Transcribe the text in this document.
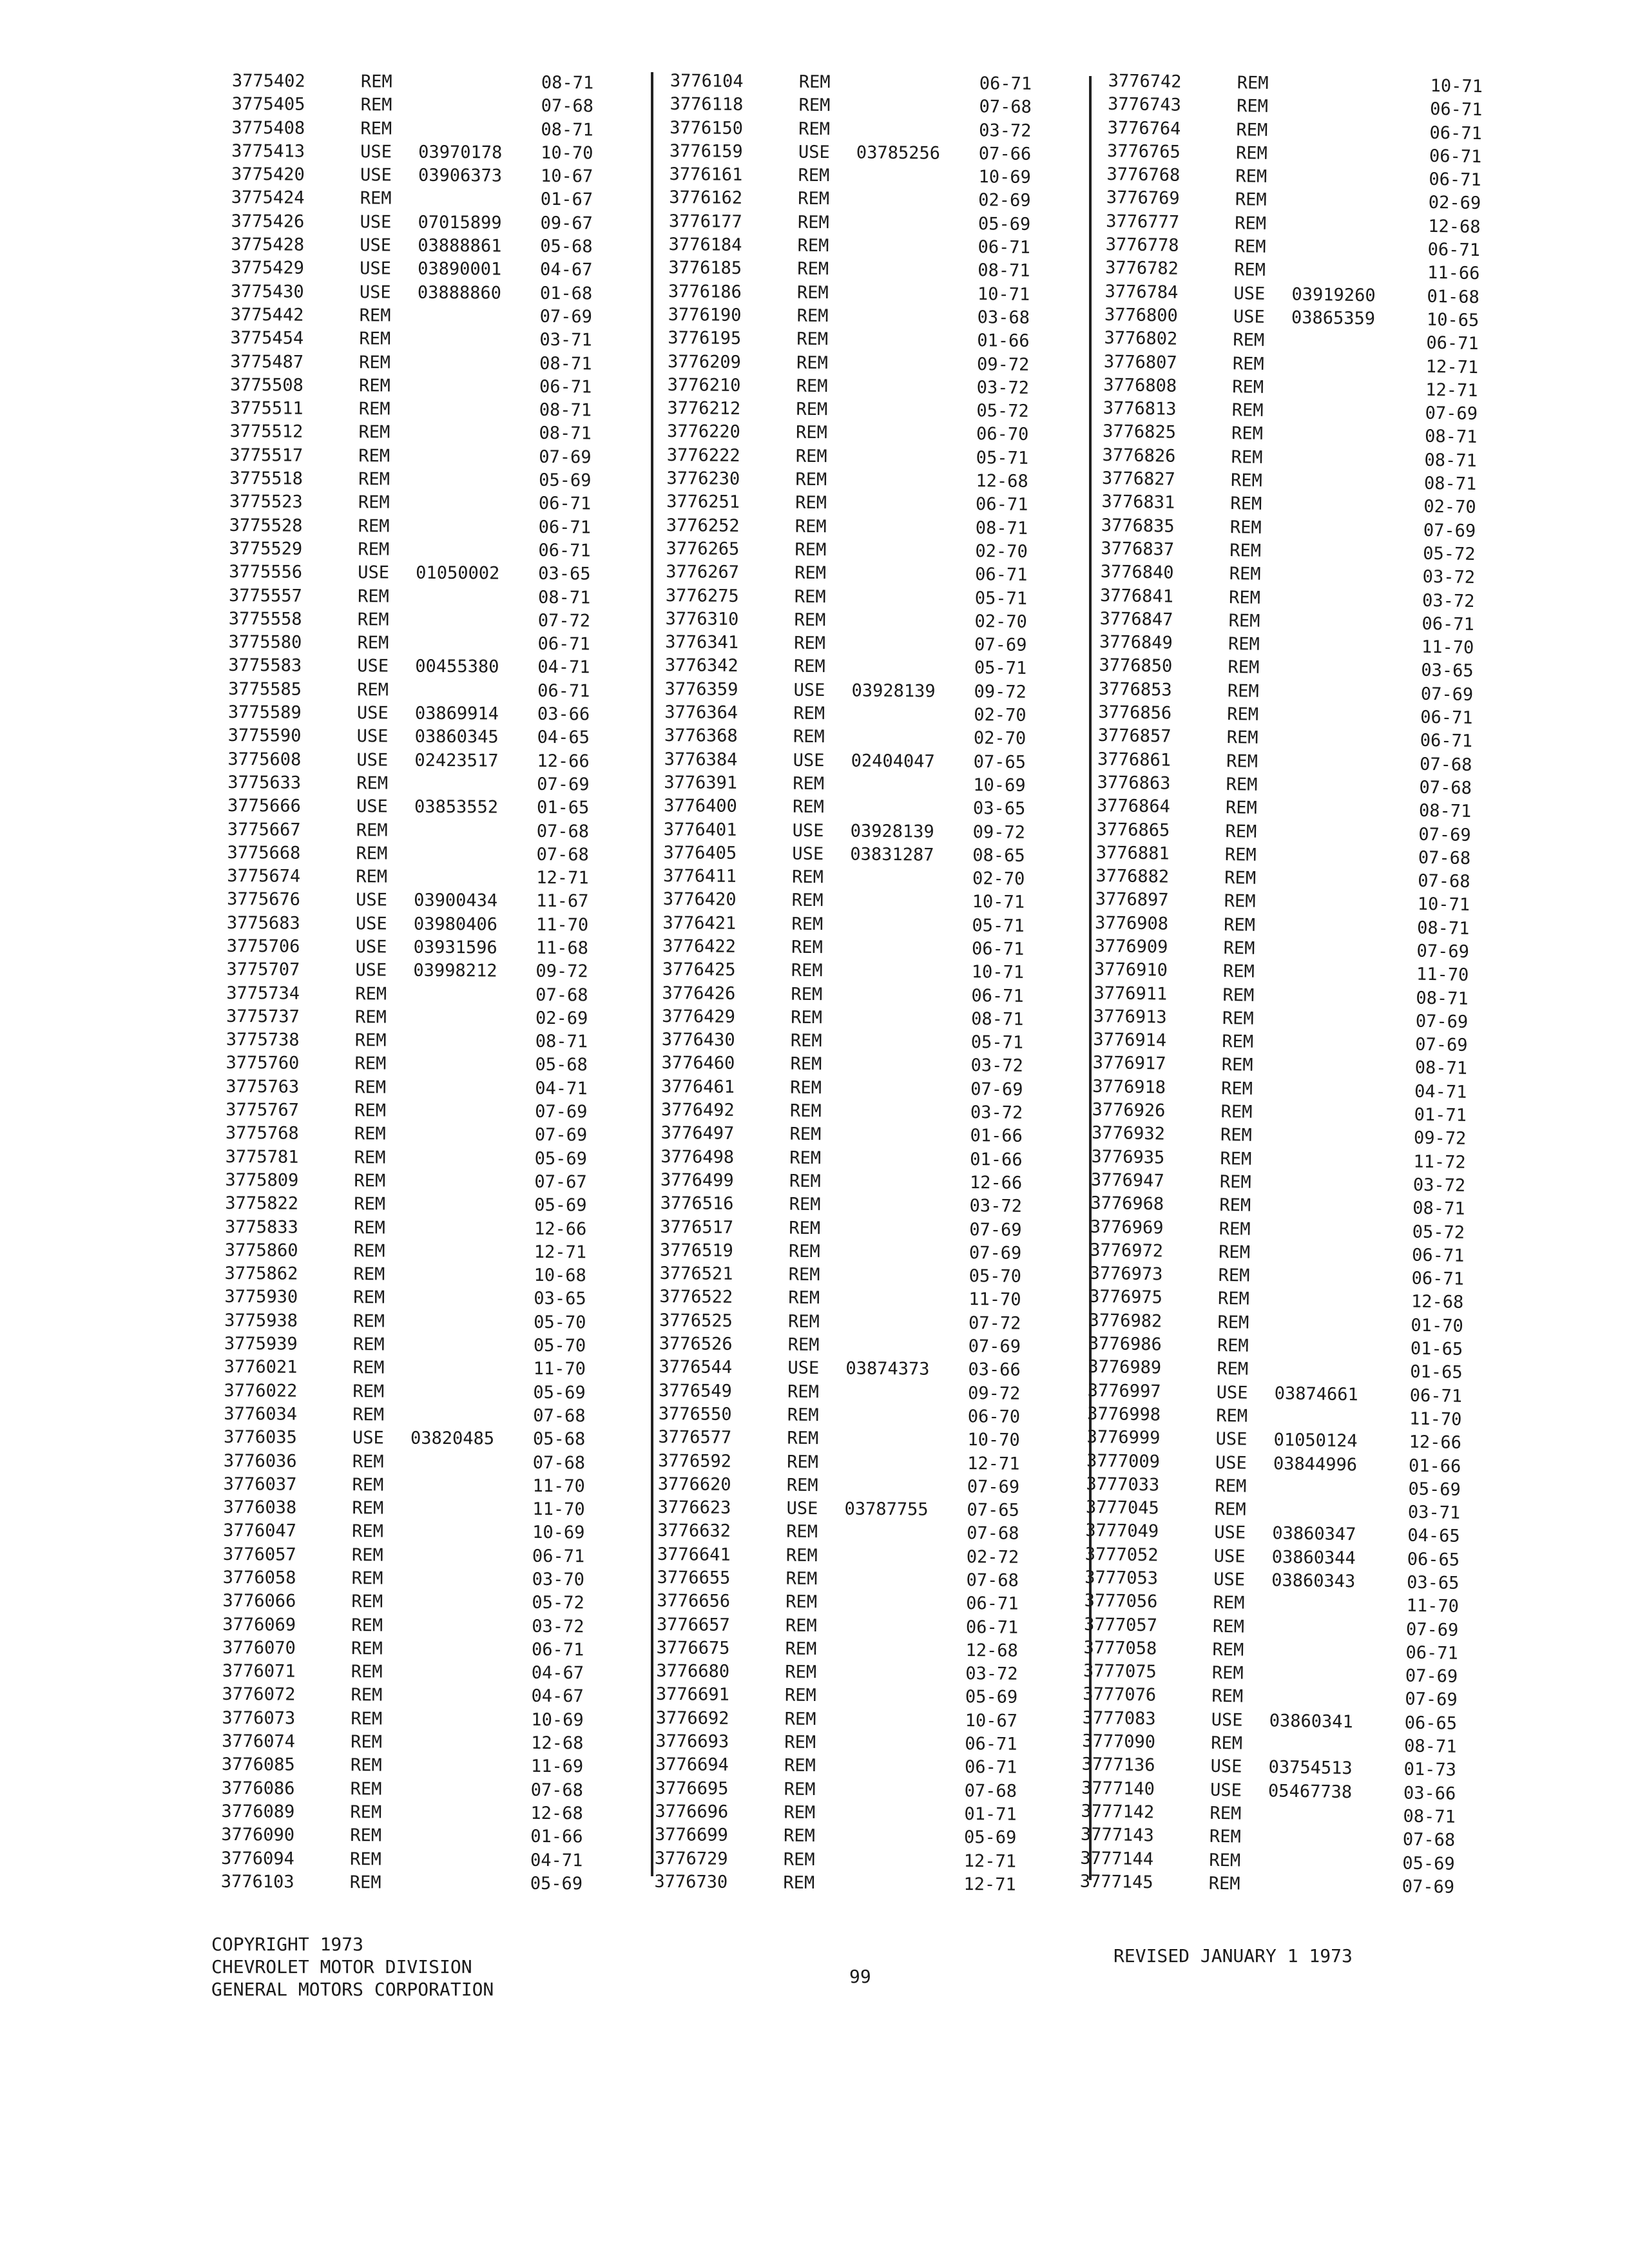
3775402	REM	08-71
3775405	REM	07-68
3775408	REM	08-71
3775413	USE 03970178 10-70
3775420	USE 03906373 10-67
3775424	REM	01-67
3775426	USE 07015899 09-67
3775428	USE 03888861 05-68
3775429	USE 03890001 04-67
3775430	USE 03888860 01-68
3775442	REM	07-69
3775454	REM	03-71
3775487	REM	08-71
3775508	REM	06-71
3775511	REM	08-71
3775512	REM	08-71
3775517	REM	07-69
3775518	REM	05-69
3775523	REM	06-71
3775528	REM	06-71
3775529	REM	06-71
3775556	USE 01050002 03-65
3775557	REM	08-71
3775558	REM	07-72
3775580	REM	06-71
3775583	USE 00455380 04-71
3775585	REM	06-71
3775589	USE 03869914 03-66
3775590	USE 03860345 04-65
3775608	USE 02423517 12-66
3775633	REM	07-69
3775666	USE 03853552 01-65
3775667	REM	07-68
3775668	REM	07-68
3775674	REM	12-71
3775676	USE 03900434 11-67
3775683	USE 03980406 11-70
3775706	USE 03931596 11-68
3775707	USE 03998212 09-72
3775734	REM	07-68
3775737	REM	02-69
3775738	REM	08-71
3775760	REM	05-68
3775763	REM	04-71
3775767	REM	07-69
3775768	REM	07-69
3775781	REM	05-69
3775809	REM	07-67
3775822	REM	05-69
3775833	REM	12-66
3775860	REM	12-71
3775862	REM	10-68
3775930	REM	03-65
3775938	REM	05-70
3775939	REM	05-70
3776021	REM	11-70
3776022	REM	05-69
3776034	REM	07-68
3776035	USE 03820485 05-68
3776036	REM	07-68
3776037	REM	11-70
3776038	REM	11-70
3776047	REM	10-69
3776057	REM	06-71
3776058	REM	03-70
3776066	REM	05-72
3776069	REM	03-72
3776070	REM	06-71
3776071	REM	04-67
3776072	REM	04-67
3776073	REM	10-69
3776074	REM	12-68
3776085	REM	11-69
3776086	REM	07-68
3776089	REM	12-68
3776090	REM	01-66
3776094	REM	04-71
3776103	REM	05-69
3776104	REM	06-71
3776118	REM	07-68
3776150	REM	03-72
3776159	USE 03785256 07-66
3776161	REM	10-69
3776162	REM	02-69
3776177	REM	05-69
3776184	REM	06-71
3776185	REM	08-71
3776186	REM	10-71
3776190	REM	03-68
3776195	REM	01-66
3776209	REM	09-72
3776210	REM	03-72
3776212	REM	05-72
3776220	REM	06-70
3776222	REM	05-71
3776230	REM	12-68
3776251	REM	06-71
3776252	REM	08-71
3776265	REM	02-70
3776267	REM	06-71
3776275	REM	05-71
3776310	REM	02-70
3776341	REM	07-69
3776342	REM	05-71
3776359	USE 03928139 09-72
3776364	REM	02-70
3776368	REM	02-70
3776384	USE 02404047 07-65
3776391	REM	10-69
3776400	REM	03-65
3776401	USE 03928139 09-72
3776405	USE 03831287 08-65
3776411	REM	02-70
3776420	REM	10-71
3776421	REM	05-71
3776422	REM	06-71
3776425	REM	10-71
3776426	REM	06-71
3776429	REM	08-71
3776430	REM	05-71
3776460	REM	03-72
3776461	REM	07-69
3776492	REM	03-72
3776497	REM	01-66
3776498	REM	01-66
3776499	REM	12-66
3776516	REM	03-72
3776517	REM	07-69
3776519	REM	07-69
3776521	REM	05-70
3776522	REM	11-70
3776525	REM	07-72
3776526	REM	07-69
3776544	USE 03874373 03-66
3776549	REM	09-72
3776550	REM	06-70
3776577	REM	10-70
3776592	REM	12-71
3776620	REM	07-69
3776623	USE 03787755 07-65
3776632	REM	07-68
3776641	REM	02-72
3776655	REM	07-68
3776656	REM	06-71
3776657	REM	06-71
3776675	REM	12-68
3776680	REM	03-72
3776691	REM	05-69
3776692	REM	10-67
3776693	REM	06-71
3776694	REM	06-71
3776695	REM	07-68
3776696	REM	01-71
3776699	REM	05-69
3776729	REM	12-71
3776730	REM	12-71
3776742	REM	10-71
3776743	REM	06-71
3776764	REM	06-71
3776765	REM	06-71
3776768	REM	06-71
3776769	REM	02-69
3776777	REM	12-68
3776778	REM	06-71
3776782	REM	11-66
3776784	USE 03919260	01-68
3776800	USE 03865359	10-65
3776802	REM	06-71
3776807	REM	12-71
3776808	REM	12-71
3776813	REM	07-69
3776825	REM	08-71
3776826	REM	08-71
3776827	REM	08-71
3776831	REM	02-70
3776835	REM	07-69
3776837	REM	05-72
3776840	REM	03-72
3776841	REM	03-72
3776847	REM	06-71
3776849	REM	11-70
3776850	REM	03-65
3776853	REM	07-69
3776856	REM	06-71
3776857	REM	06-71
3776861	REM	07-68
3776863	REM	07-68
3776864	REM	08-71
3776865	REM	07-69
3776881	REM	07-68
3776882	REM	07-68
3776897	REM	10-71
3776908	REM	08-71
3776909	REM	07-69
3776910	REM	11-70
3776911	REM	08-71
3776913	REM	07-69
3776914	REM	07-69
3776917	REM	08-71
3776918	REM	04-71
3776926	REM	01-71
3776932	REM	09-72
3776935	REM	11-72
3776947	REM	03-72
3776968	REM	08-71
3776969	REM	05-72
3776972	REM	06-71
3776973	REM	06-71
3776975	REM	12-68
3776982	REM	01-70
3776986	REM	01-65
3776989	REM	01-65
3776997	USE 03874661	06-71
3776998	REM	11-70
3776999	USE 01050124	12-66
3777009	USE 03844996	01-66
3777033	REM	05-69
3777045	REM	03-71
3777049	USE 03860347	04-65
3777052	USE 03860344	06-65
3777053	USE 03860343	03-65
3777056	REM	11-70
3777057	REM	07-69
3777058	REM	06-71
3777075	REM	07-69
3777076	REM	07-69
3777083	USE 03860341	06-65
3777090	REM	08-71
3777136	USE 03754513	01-73
3777140	USE 05467738	03-66
3777142	REM	08-71
3777143	REM	07-68
3777144	REM	05-69
3777145	REM	07-69
COPYRIGHT 1973
CHEVROLET MOTOR DIVISION
GENERAL MOTORS CORPORATION
99
REVISED JANUARY 1 1973
